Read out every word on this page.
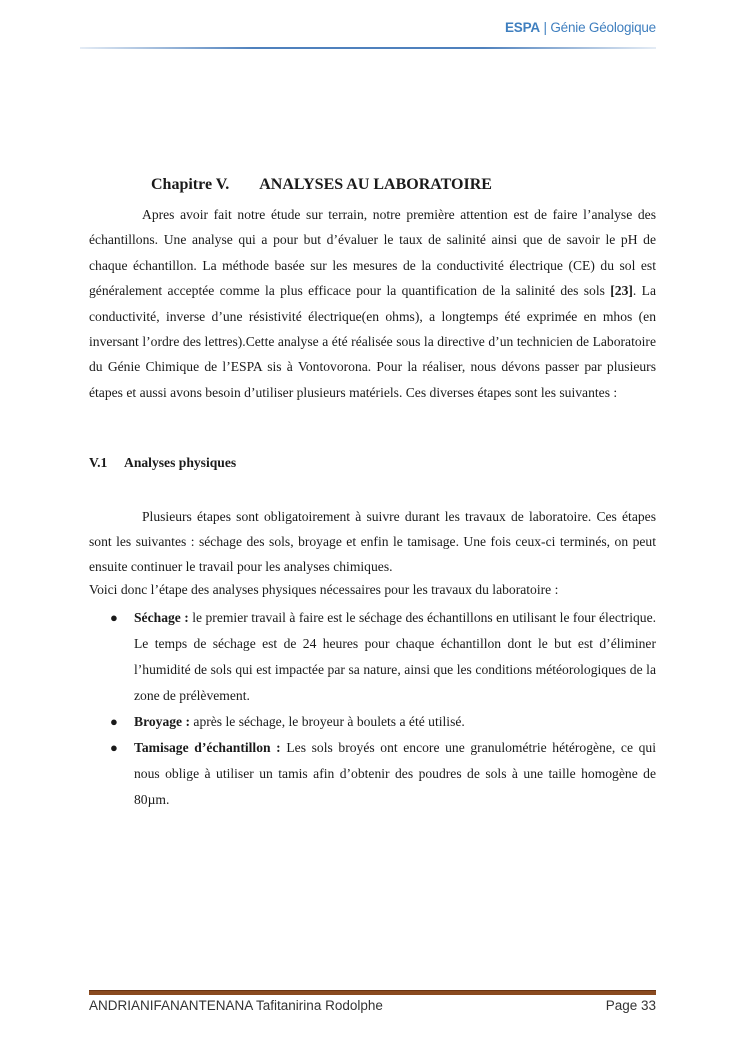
ESPA | Génie Géologique
Chapitre V. ANALYSES AU LABORATOIRE
Apres avoir fait notre étude sur terrain, notre première attention est de faire l’analyse des échantillons. Une analyse qui a pour but d’évaluer le taux de salinité ainsi que de savoir le pH de chaque échantillon. La méthode basée sur les mesures de la conductivité électrique (CE) du sol est généralement acceptée comme la plus efficace pour la quantification de la salinité des sols [23]. La conductivité, inverse d’une résistivité électrique(en ohms), a longtemps été exprimée en mhos (en inversant l’ordre des lettres).Cette analyse a été réalisée sous la directive d’un technicien de Laboratoire du Génie Chimique de l’ESPA sis à Vontovorona. Pour la réaliser, nous dévons passer par plusieurs étapes et aussi avons besoin d’utiliser plusieurs matériels. Ces diverses étapes sont les suivantes :
V.1 Analyses physiques
Plusieurs étapes sont obligatoirement à suivre durant les travaux de laboratoire. Ces étapes sont les suivantes : séchage des sols, broyage et enfin le tamisage. Une fois ceux-ci terminés, on peut ensuite continuer le travail pour les analyses chimiques.
Voici donc l’étape des analyses physiques nécessaires pour les travaux du laboratoire :
● Séchage : le premier travail à faire est le séchage des échantillons en utilisant le four électrique. Le temps de séchage est de 24 heures pour chaque échantillon dont le but est d’éliminer l’humidité de sols qui est impactée par sa nature, ainsi que les conditions météorologiques de la zone de prélèvement.
● Broyage : après le séchage, le broyeur à boulets a été utilisé.
● Tamisage d’échantillon : Les sols broyés ont encore une granulométrie hétérogène, ce qui nous oblige à utiliser un tamis afin d’obtenir des poudres de sols à une taille homogène de 80µm.
ANDRIANIFANANTENANA Tafitanirina Rodolphe	Page 33
